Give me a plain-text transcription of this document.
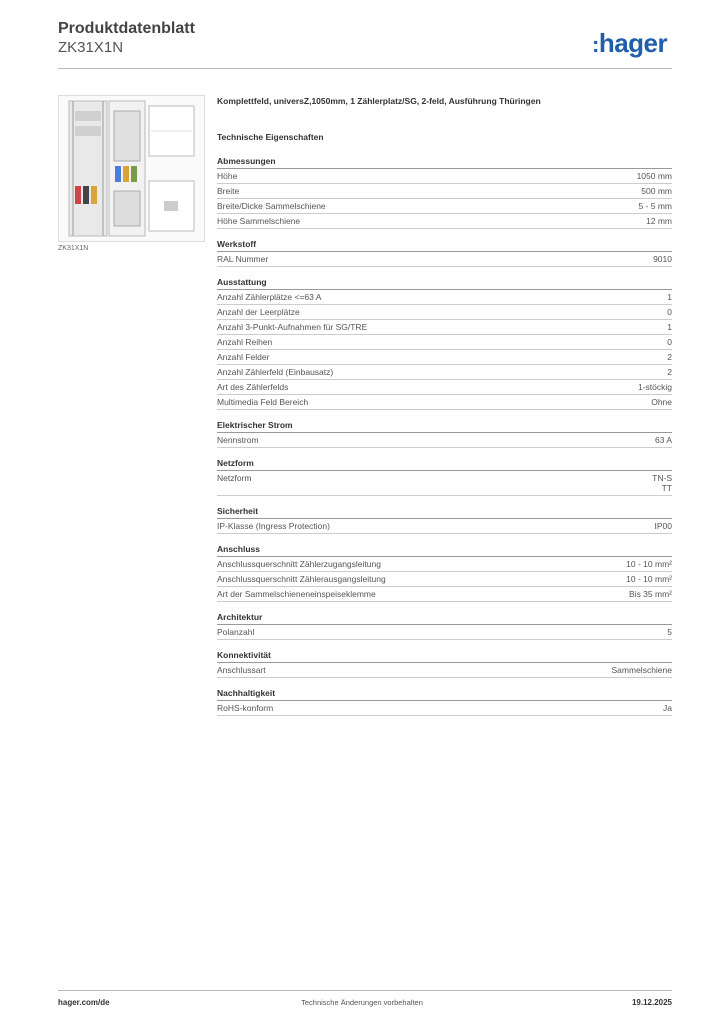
Produktdatenblatt
ZK31X1N	:hager
ZK31X1N
Komplettfeld, universZ,1050mm, 1 Zählerplatz/SG, 2-feld, Ausführung Thüringen
Technische Eigenschaften
Abmessungen
Höhe	1050 mm
Breite	500 mm
Breite/Dicke Sammelschiene	5 - 5 mm
Höhe Sammelschiene	12 mm
Werkstoff
RAL Nummer	9010
Ausstattung
Anzahl Zählerplätze <=63 A	1
Anzahl der Leerplätze	0
Anzahl 3-Punkt-Aufnahmen für SG/TRE	1
Anzahl Reihen	0
Anzahl Felder	2
Anzahl Zählerfeld (Einbausatz)	2
Art des Zählerfelds	1-stöckig
Multimedia Feld Bereich	Ohne
Elektrischer Strom
Nennstrom	63 A
Netzform
Netzform	TN-S
TT
Sicherheit
IP-Klasse (Ingress Protection)	IP00
Anschluss
Anschlussquerschnitt Zählerzugangsleitung	10 - 10 mm²
Anschlussquerschnitt Zählerausgangsleitung	10 - 10 mm²
Art der Sammelschieneneinspeiseklemme	Bis 35 mm²
Architektur
Polanzahl	5
Konnektivität
Anschlussart	Sammelschiene
Nachhaltigkeit
RoHS-konform	Ja
hager.com/de	Technische Änderungen vorbehalten	19.12.2025
